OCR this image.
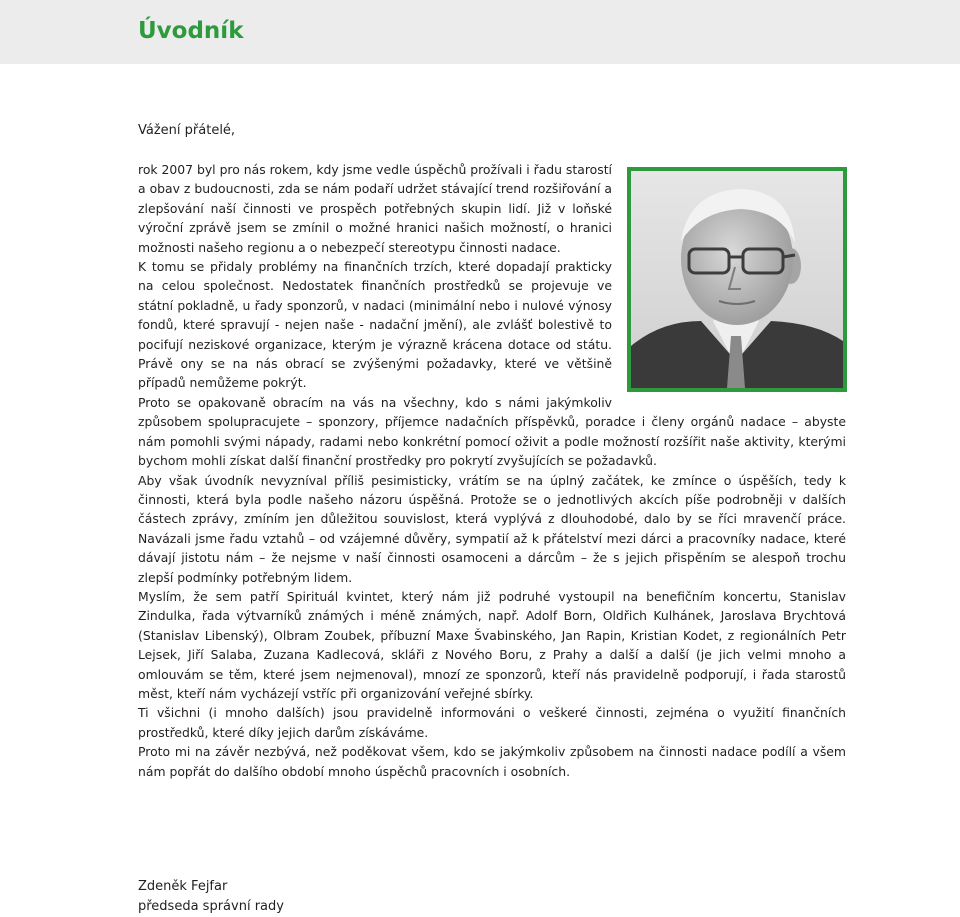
Úvodník

Vážení přátelé,

rok 2007 byl pro nás rokem, kdy jsme vedle úspěchů prožívali i řadu starostí a obav z budoucnosti, zda se nám podaří udržet stávající trend rozšiřování a zlepšování naší činnosti ve prospěch potřebných skupin lidí. Již v loňské výroční zprávě jsem se zmínil o možné hranici našich možností, o hranici možnosti našeho regionu a o nebezpečí stereotypu činnosti nadace.

K tomu se přidaly problémy na finančních trzích, které dopadají prakticky na celou společnost. Nedostatek finančních prostředků se projevuje ve státní pokladně, u řady sponzorů, v nadaci (minimální nebo i nulové výnosy fondů, které spravují - nejen naše - nadační jmění), ale zvlášť bolestivě to pocifují neziskové organizace, kterým je výrazně krácena dotace od státu. Právě ony se na nás obrací se zvýšenými požadavky, které ve většině případů nemůžeme pokrýt.

Proto se opakovaně obracím na vás na všechny, kdo s námi jakýmkoliv způsobem spolupracujete – sponzory, příjemce nadačních příspěvků, poradce i členy orgánů nadace – abyste nám pomohli svými nápady, radami nebo konkrétní pomocí oživit a podle možností rozšířit naše aktivity, kterými bychom mohli získat další finanční prostředky pro pokrytí zvyšujících se požadavků.

Aby však úvodník nevyzníval příliš pesimisticky, vrátím se na úplný začátek, ke zmínce o úspěších, tedy k činnosti, která byla podle našeho názoru úspěšná. Protože se o jednotlivých akcích píše podrobněji v dalších částech zprávy, zmíním jen důležitou souvislost, která vyplývá z dlouhodobé, dalo by se říci mravenčí práce. Navázali jsme řadu vztahů – od vzájemné důvěry, sympatií až k přátelství mezi dárci a pracovníky nadace, které dávají jistotu nám – že nejsme v naší činnosti osamoceni a dárcům – že s jejich přispěním se alespoň trochu zlepší podmínky potřebným lidem.

Myslím, že sem patří Spirituál kvintet, který nám již podruhé vystoupil na benefičním koncertu, Stanislav Zindulka, řada výtvarníků známých i méně známých, např. Adolf Born, Oldřich Kulhánek, Jaroslava Brychtová (Stanislav Libenský), Olbram Zoubek, příbuzní Maxe Švabinského, Jan Rapin, Kristian Kodet, z regionálních Petr Lejsek, Jiří Salaba, Zuzana Kadlecová, skláři z Nového Boru, z Prahy a další a další (je jich velmi mnoho a omlouvám se těm, které jsem nejmenoval), mnozí ze sponzorů, kteří nás pravidelně podporují, i řada starostů měst, kteří nám vycházejí vstříc při organizování veřejné sbírky.

Ti všichni (i mnoho dalších) jsou pravidelně informováni o veškeré činnosti, zejména o využití finančních prostředků, které díky jejich darům získáváme.

Proto mi na závěr nezbývá, než poděkovat všem, kdo se jakýmkoliv způsobem na činnosti nadace podílí a všem nám popřát do dalšího období mnoho úspěchů pracovních i osobních.

Zdeněk Fejfar
předseda správní rady
